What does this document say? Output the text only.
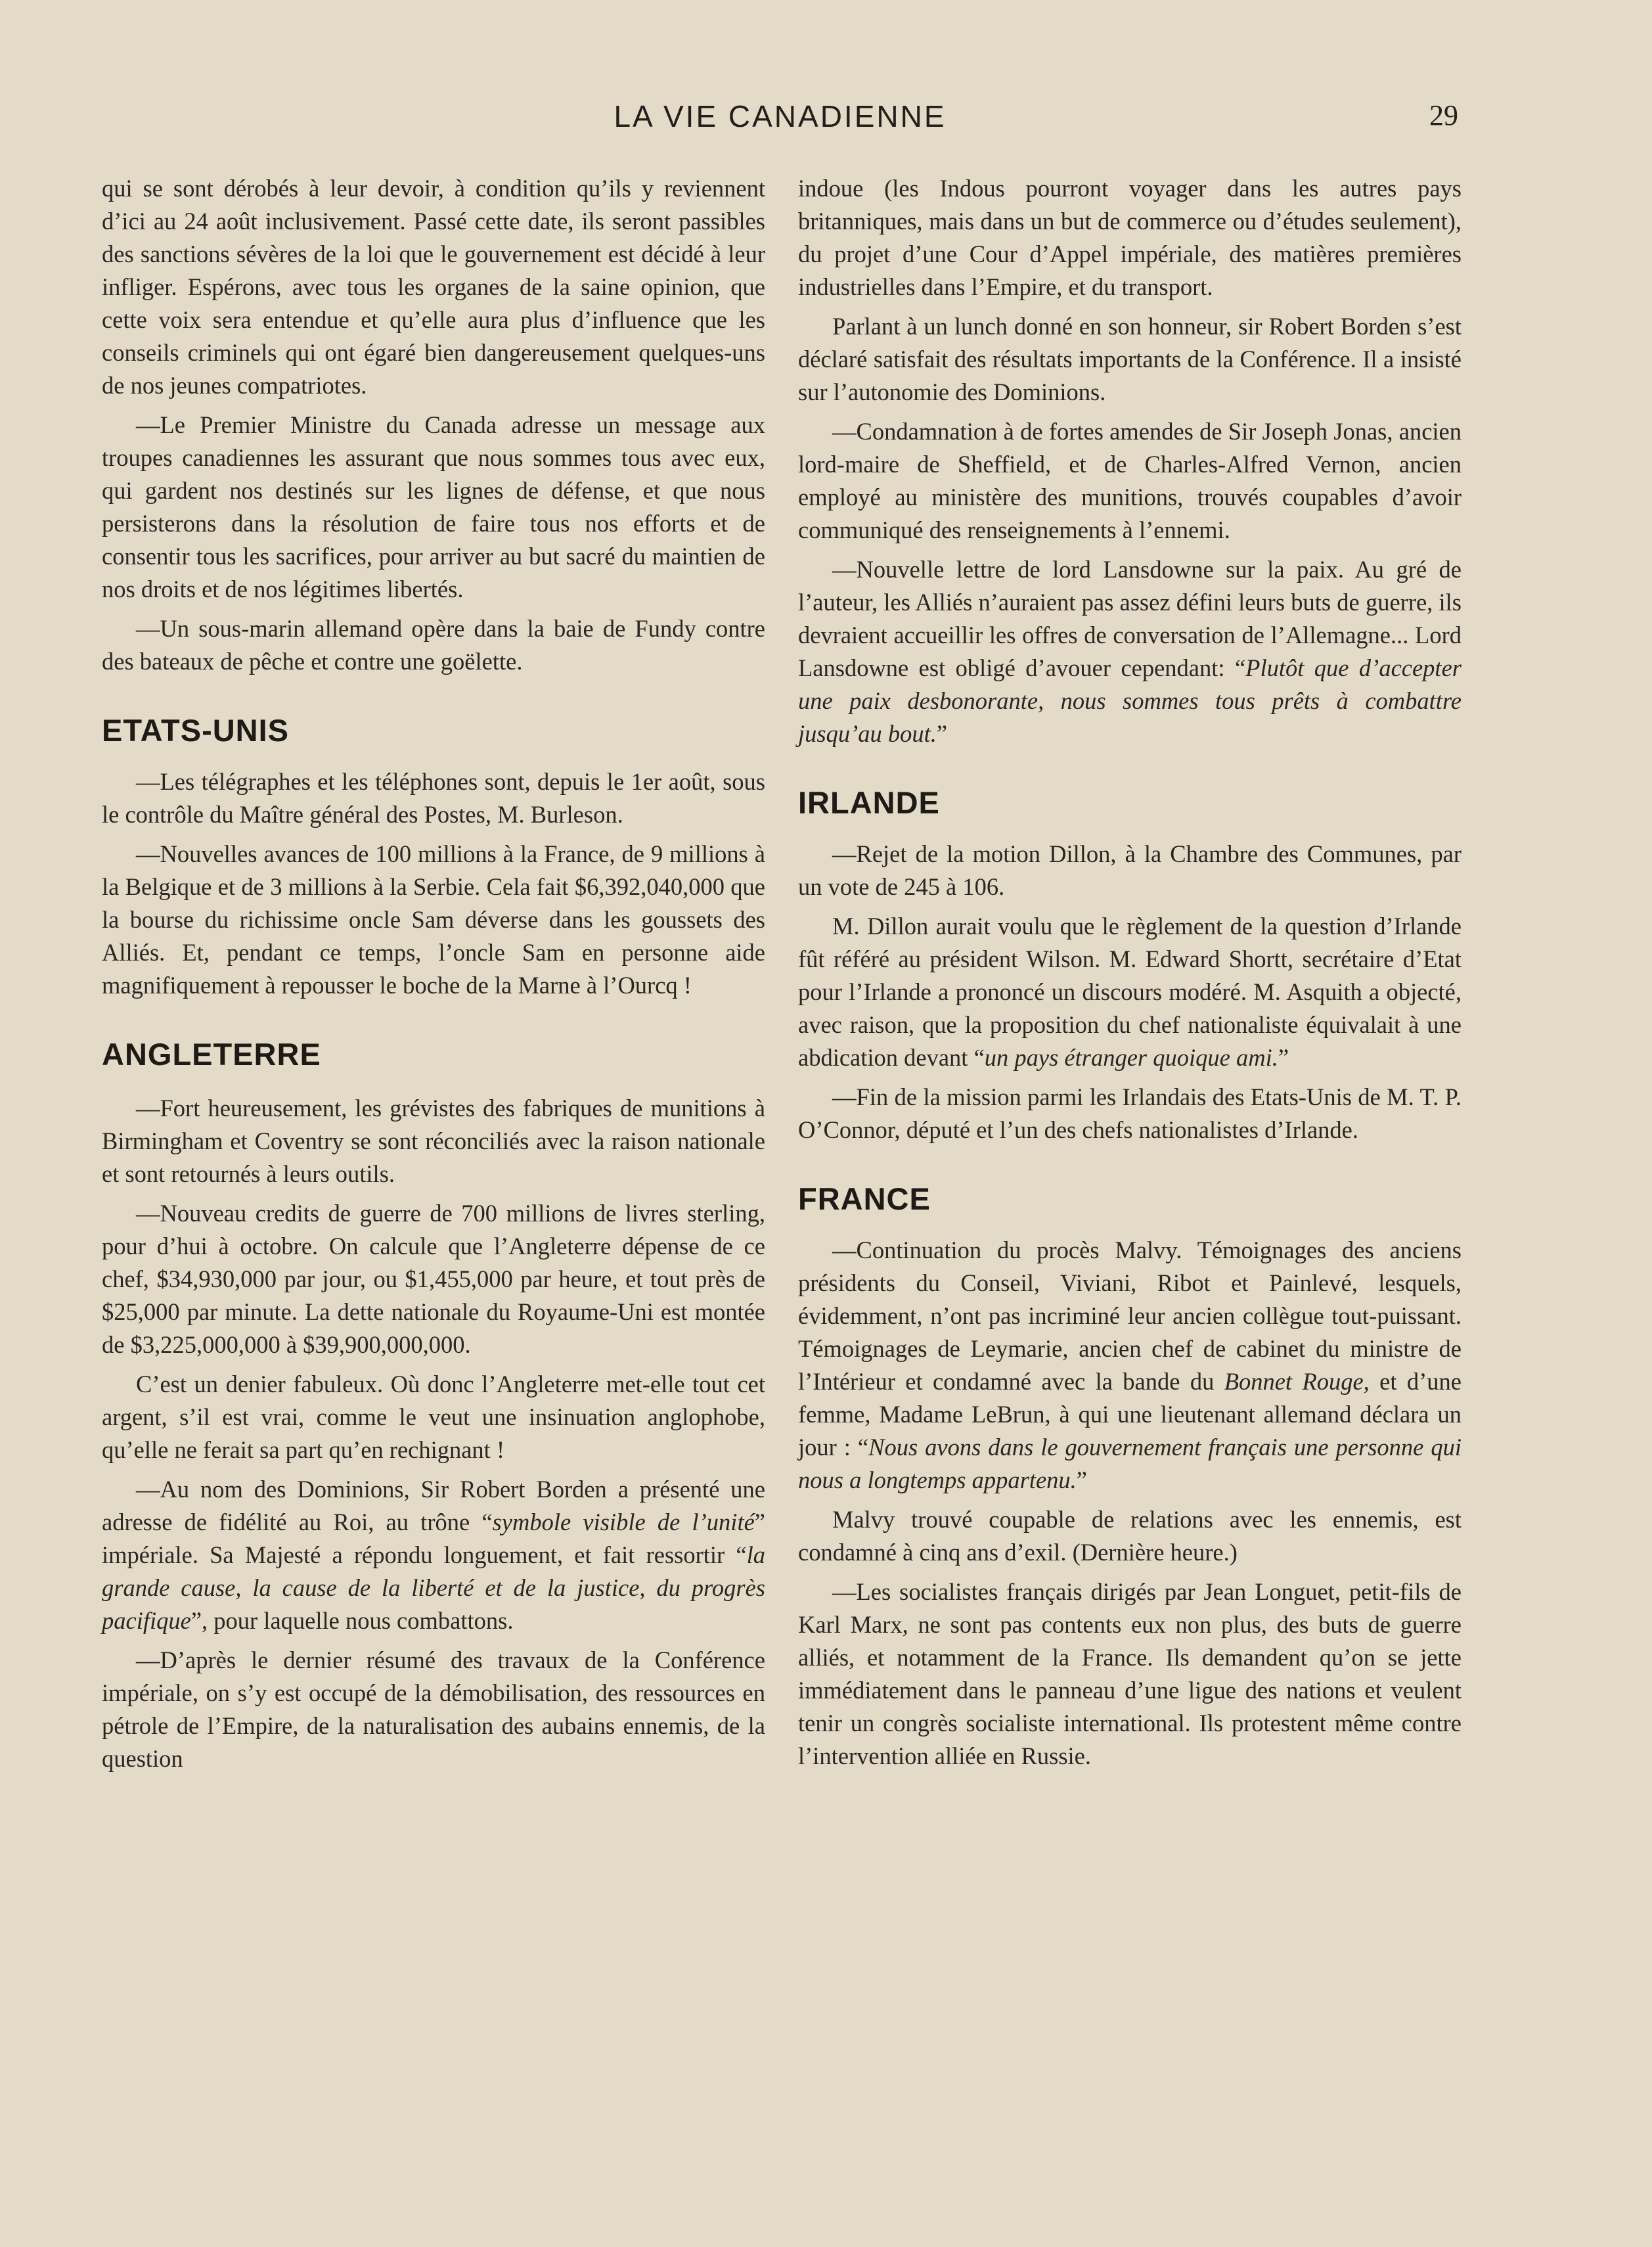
LA VIE CANADIENNE	29

qui se sont dérobés à leur devoir, à condition qu’ils y reviennent d’ici au 24 août inclusivement. Passé cette date, ils seront passibles des sanctions sévères de la loi que le gouvernement est décidé à leur infliger. Espérons, avec tous les organes de la saine opinion, que cette voix sera entendue et qu’elle aura plus d’influence que les conseils criminels qui ont égaré bien dangereusement quelques-uns de nos jeunes compatriotes.

—Le Premier Ministre du Canada adresse un message aux troupes canadiennes les assurant que nous sommes tous avec eux, qui gardent nos destinés sur les lignes de défense, et que nous persisterons dans la résolution de faire tous nos efforts et de consentir tous les sacrifices, pour arriver au but sacré du maintien de nos droits et de nos légitimes libertés.

—Un sous-marin allemand opère dans la baie de Fundy contre des bateaux de pêche et contre une goëlette.

ETATS-UNIS

—Les télégraphes et les téléphones sont, depuis le 1er août, sous le contrôle du Maître général des Postes, M. Burleson.

—Nouvelles avances de 100 millions à la France, de 9 millions à la Belgique et de 3 millions à la Serbie. Cela fait $6,392,040,000 que la bourse du richissime oncle Sam déverse dans les goussets des Alliés. Et, pendant ce temps, l’oncle Sam en personne aide magnifiquement à repousser le boche de la Marne à l’Ourcq !

ANGLETERRE

—Fort heureusement, les grévistes des fabriques de munitions à Birmingham et Coventry se sont réconciliés avec la raison nationale et sont retournés à leurs outils.

—Nouveau credits de guerre de 700 millions de livres sterling, pour d’hui à octobre. On calcule que l’Angleterre dépense de ce chef, $34,930,000 par jour, ou $1,455,000 par heure, et tout près de $25,000 par minute. La dette nationale du Royaume-Uni est montée de $3,225,000,000 à $39,900,000,000.

C’est un denier fabuleux. Où donc l’Angleterre met-elle tout cet argent, s’il est vrai, comme le veut une insinuation anglophobe, qu’elle ne ferait sa part qu’en rechignant !

—Au nom des Dominions, Sir Robert Borden a présenté une adresse de fidélité au Roi, au trône “symbole visible de l’unité” impériale. Sa Majesté a répondu longuement, et fait ressortir “la grande cause, la cause de la liberté et de la justice, du progrès pacifique”, pour laquelle nous combattons.

—D’après le dernier résumé des travaux de la Conférence impériale, on s’y est occupé de la démobilisation, des ressources en pétrole de l’Empire, de la naturalisation des aubains ennemis, de la question

indoue (les Indous pourront voyager dans les autres pays britanniques, mais dans un but de commerce ou d’études seulement), du projet d’une Cour d’Appel impériale, des matières premières industrielles dans l’Empire, et du transport.

Parlant à un lunch donné en son honneur, sir Robert Borden s’est déclaré satisfait des résultats importants de la Conférence. Il a insisté sur l’autonomie des Dominions.

—Condamnation à de fortes amendes de Sir Joseph Jonas, ancien lord-maire de Sheffield, et de Charles-Alfred Vernon, ancien employé au ministère des munitions, trouvés coupables d’avoir communiqué des renseignements à l’ennemi.

—Nouvelle lettre de lord Lansdowne sur la paix. Au gré de l’auteur, les Alliés n’auraient pas assez défini leurs buts de guerre, ils devraient accueillir les offres de conversation de l’Allemagne... Lord Lansdowne est obligé d’avouer cependant: “Plutôt que d’accepter une paix desbonorante, nous sommes tous prêts à combattre jusqu’au bout.”

IRLANDE

—Rejet de la motion Dillon, à la Chambre des Communes, par un vote de 245 à 106.

M. Dillon aurait voulu que le règlement de la question d’Irlande fût référé au président Wilson. M. Edward Shortt, secrétaire d’Etat pour l’Irlande a prononcé un discours modéré. M. Asquith a objecté, avec raison, que la proposition du chef nationaliste équivalait à une abdication devant “un pays étranger quoique ami.”

—Fin de la mission parmi les Irlandais des Etats-Unis de M. T. P. O’Connor, député et l’un des chefs nationalistes d’Irlande.

FRANCE

—Continuation du procès Malvy. Témoignages des anciens présidents du Conseil, Viviani, Ribot et Painlevé, lesquels, évidemment, n’ont pas incriminé leur ancien collègue tout-puissant. Témoignages de Leymarie, ancien chef de cabinet du ministre de l’Intérieur et condamné avec la bande du Bonnet Rouge, et d’une femme, Madame LeBrun, à qui une lieutenant allemand déclara un jour : “Nous avons dans le gouvernement français une personne qui nous a longtemps appartenu.”

Malvy trouvé coupable de relations avec les ennemis, est condamné à cinq ans d’exil. (Dernière heure.)

—Les socialistes français dirigés par Jean Longuet, petit-fils de Karl Marx, ne sont pas contents eux non plus, des buts de guerre alliés, et notamment de la France. Ils demandent qu’on se jette immédiatement dans le panneau d’une ligue des nations et veulent tenir un congrès socialiste international. Ils protestent même contre l’intervention alliée en Russie.
